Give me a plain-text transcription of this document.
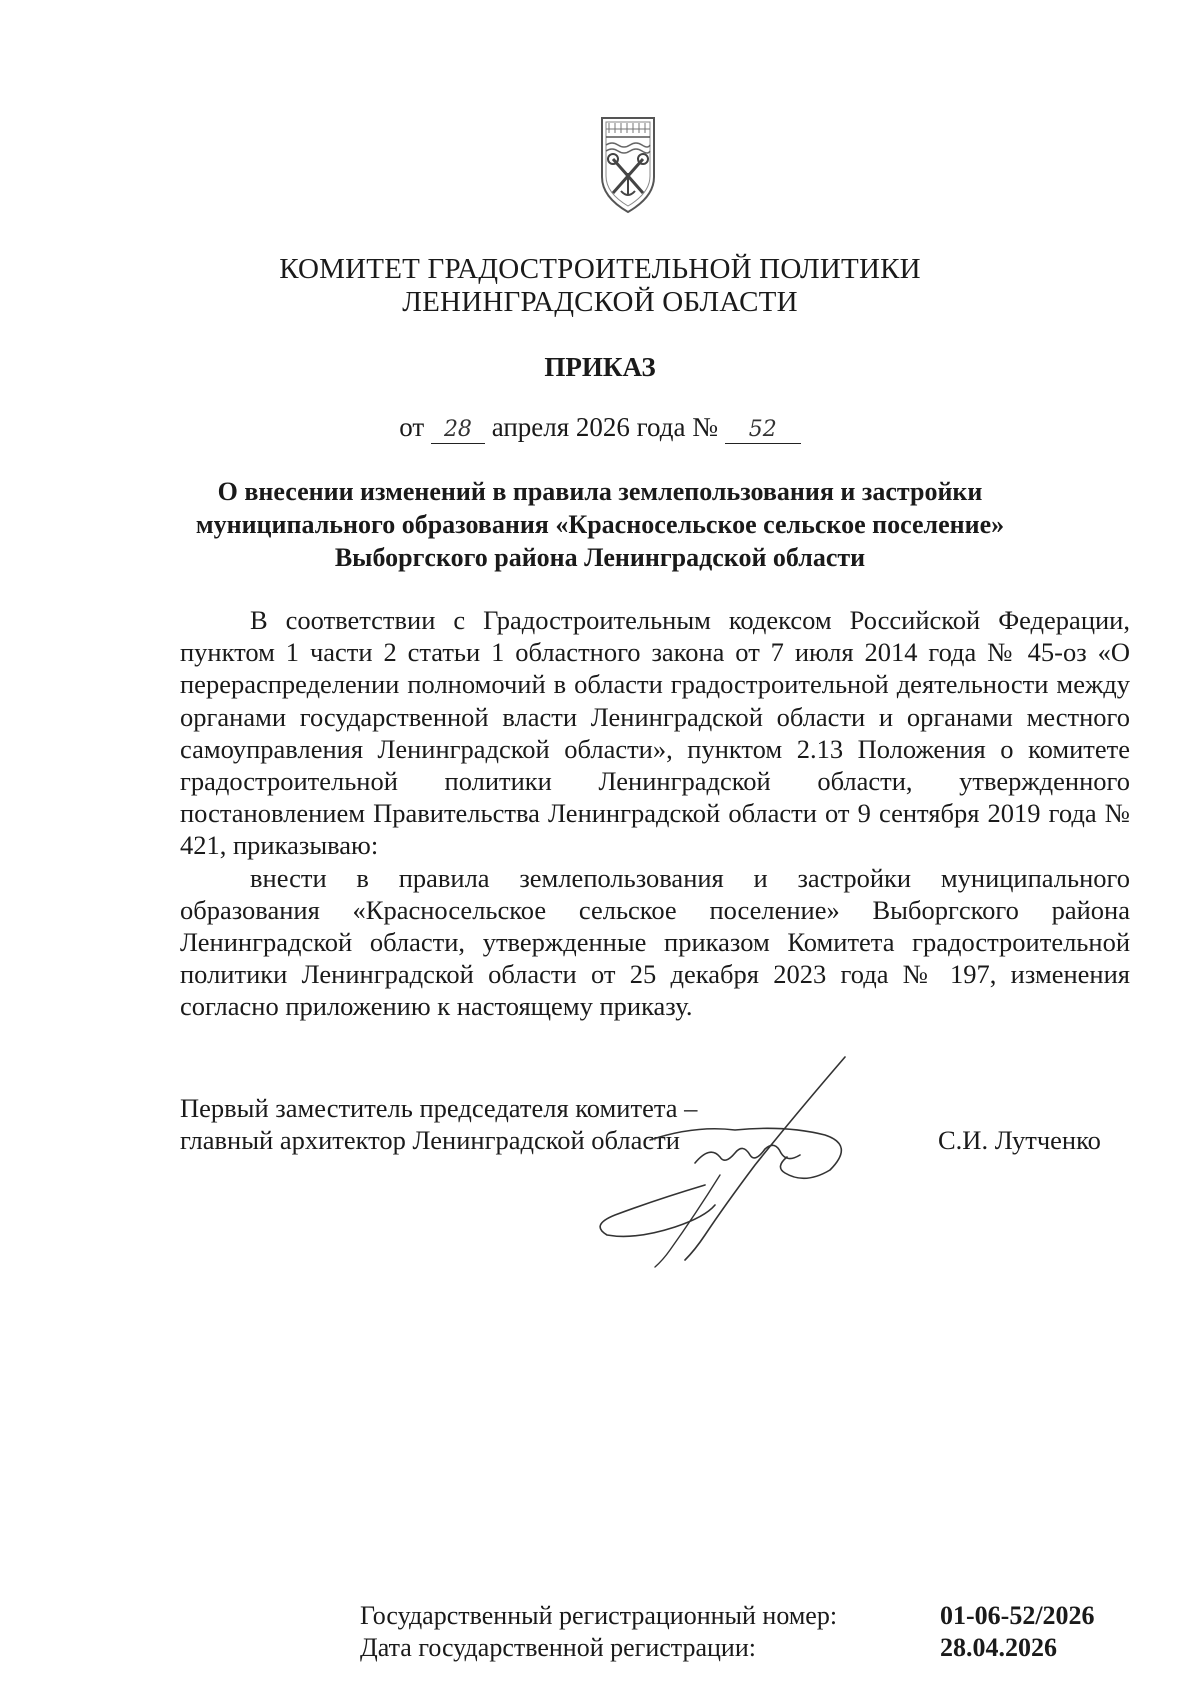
КОМИТЕТ ГРАДОСТРОИТЕЛЬНОЙ ПОЛИТИКИ
ЛЕНИНГРАДСКОЙ ОБЛАСТИ
ПРИКАЗ
от 28 апреля 2026 года № 52
О внесении изменений в правила землепользования и застройки
муниципального образования «Красносельское сельское поселение»
Выборгского района Ленинградской области

В соответствии с Градостроительным кодексом Российской Федерации, пунктом 1 части 2 статьи 1 областного закона от 7 июля 2014 года № 45-оз «О перераспределении полномочий в области градостроительной деятельности между органами государственной власти Ленинградской области и органами местного самоуправления Ленинградской области», пунктом 2.13 Положения о комитете градостроительной политики Ленинградской области, утвержденного постановлением Правительства Ленинградской области от 9 сентября 2019 года № 421, приказываю:

внести в правила землепользования и застройки муниципального образования «Красносельское сельское поселение» Выборгского района Ленинградской области, утвержденные приказом Комитета градостроительной политики Ленинградской области от 25 декабря 2023 года № 197, изменения согласно приложению к настоящему приказу.

Первый заместитель председателя комитета –
главный архитектор Ленинградской области	С.И. Лутченко
Государственный регистрационный номер:	01-06-52/2026
Дата государственной регистрации:	28.04.2026
